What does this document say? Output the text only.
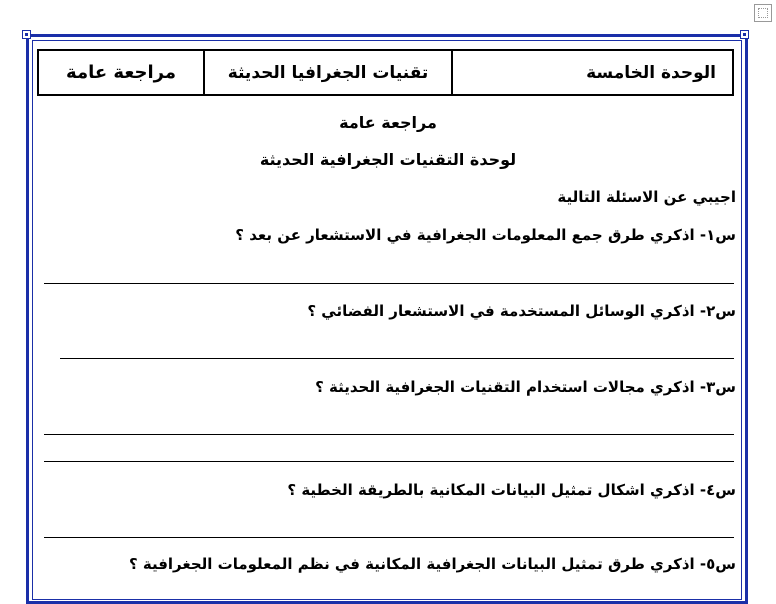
الوحدة الخامسة
تقنيات الجغرافيا الحديثة
مراجعة عامة
مراجعة عامة
لوحدة التقنيات الجغرافية الحديثة
اجيبي عن الاسئلة التالية
س١- اذكري طرق جمع المعلومات الجغرافية في الاستشعار عن بعد ؟
س٢- اذكري الوسائل المستخدمة في الاستشعار الفضائي ؟
س٣- اذكري مجالات استخدام التقنيات الجغرافية الحديثة ؟
س٤- اذكري اشكال تمثيل البيانات المكانية بالطريقة الخطية ؟
س٥- اذكري طرق تمثيل البيانات الجغرافية المكانية في نظم المعلومات الجغرافية ؟
